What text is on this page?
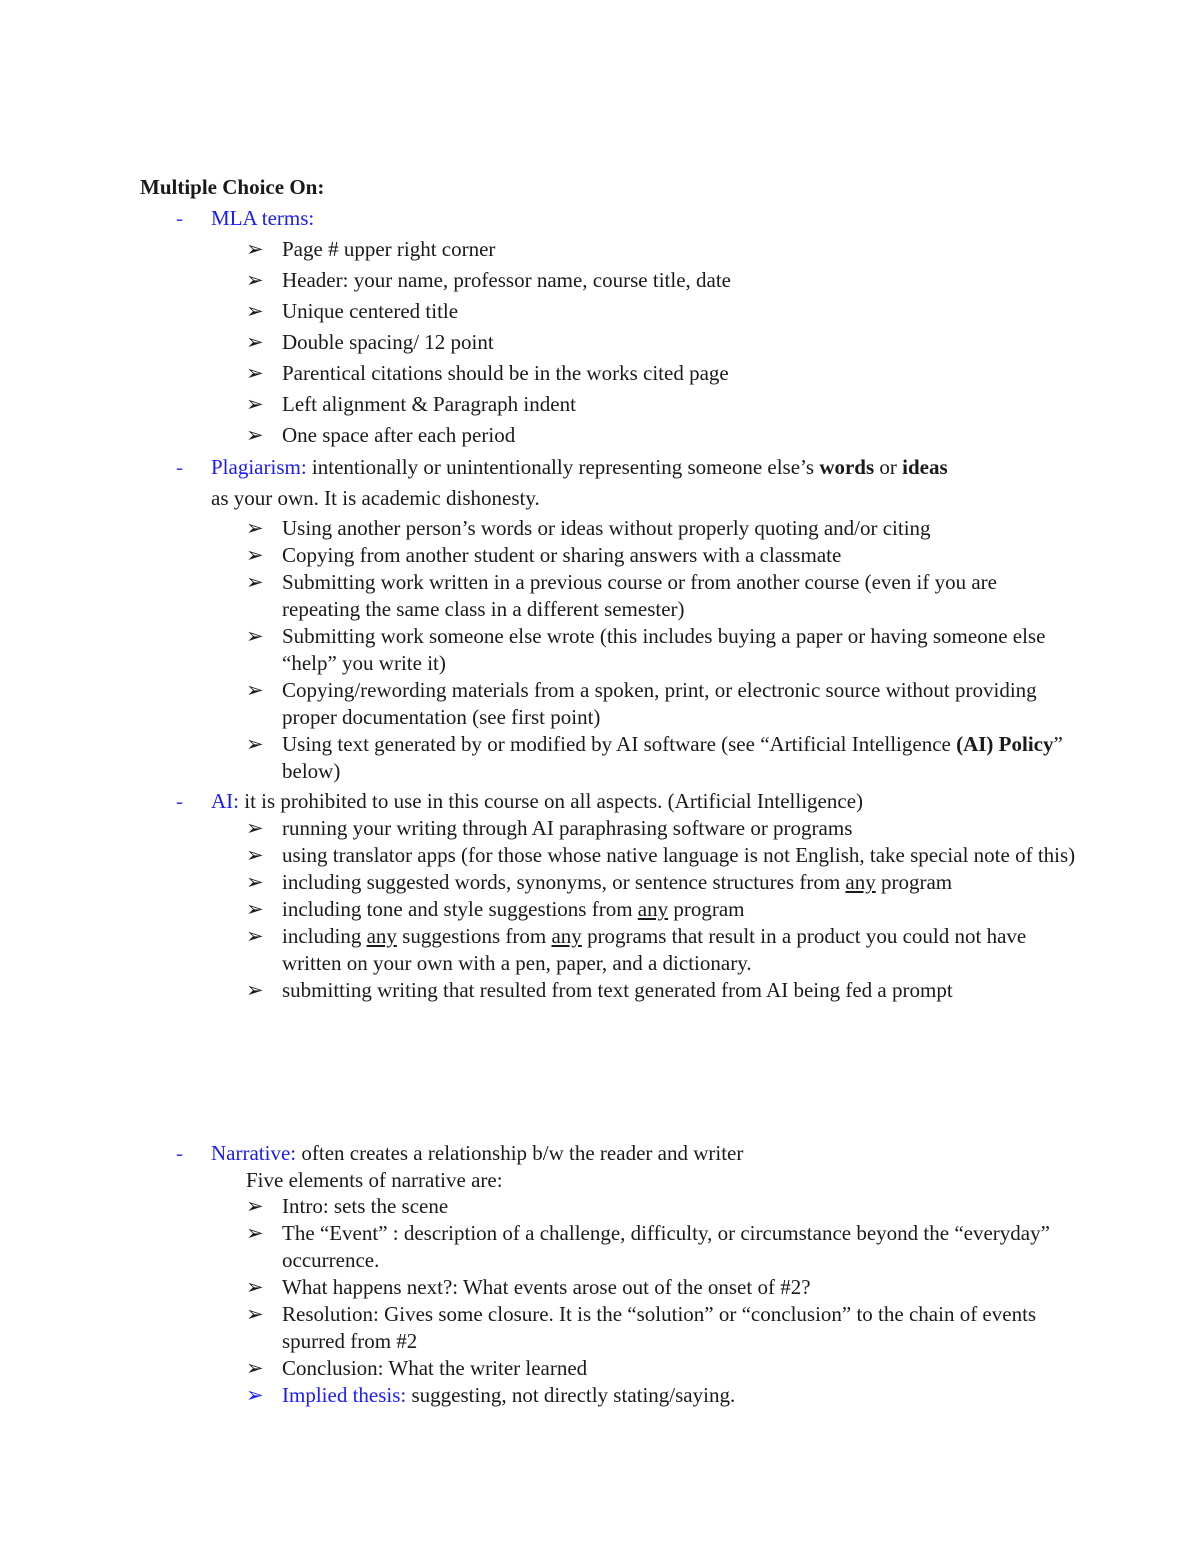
Multiple Choice On:
- MLA terms:
➢ Page # upper right corner
➢ Header: your name, professor name, course title, date
➢ Unique centered title
➢ Double spacing/ 12 point
➢ Parentical citations should be in the works cited page
➢ Left alignment & Paragraph indent
➢ One space after each period
- Plagiarism: intentionally or unintentionally representing someone else’s words or ideas
as your own. It is academic dishonesty.
➢ Using another person’s words or ideas without properly quoting and/or citing
➢ Copying from another student or sharing answers with a classmate
➢ Submitting work written in a previous course or from another course (even if you are repeating the same class in a different semester)
➢ Submitting work someone else wrote (this includes buying a paper or having someone else “help” you write it)
➢ Copying/rewording materials from a spoken, print, or electronic source without providing proper documentation (see first point)
➢ Using text generated by or modified by AI software (see “Artificial Intelligence (AI) Policy” below)
- AI: it is prohibited to use in this course on all aspects. (Artificial Intelligence)
➢ running your writing through AI paraphrasing software or programs
➢ using translator apps (for those whose native language is not English, take special note of this)
➢ including suggested words, synonyms, or sentence structures from any program
➢ including tone and style suggestions from any program
➢ including any suggestions from any programs that result in a product you could not have written on your own with a pen, paper, and a dictionary.
➢ submitting writing that resulted from text generated from AI being fed a prompt
- Narrative: often creates a relationship b/w the reader and writer
Five elements of narrative are:
➢ Intro: sets the scene
➢ The “Event” : description of a challenge, difficulty, or circumstance beyond the “everyday” occurrence.
➢ What happens next?: What events arose out of the onset of #2?
➢ Resolution: Gives some closure. It is the “solution” or “conclusion” to the chain of events spurred from #2
➢ Conclusion: What the writer learned
➢ Implied thesis: suggesting, not directly stating/saying.
